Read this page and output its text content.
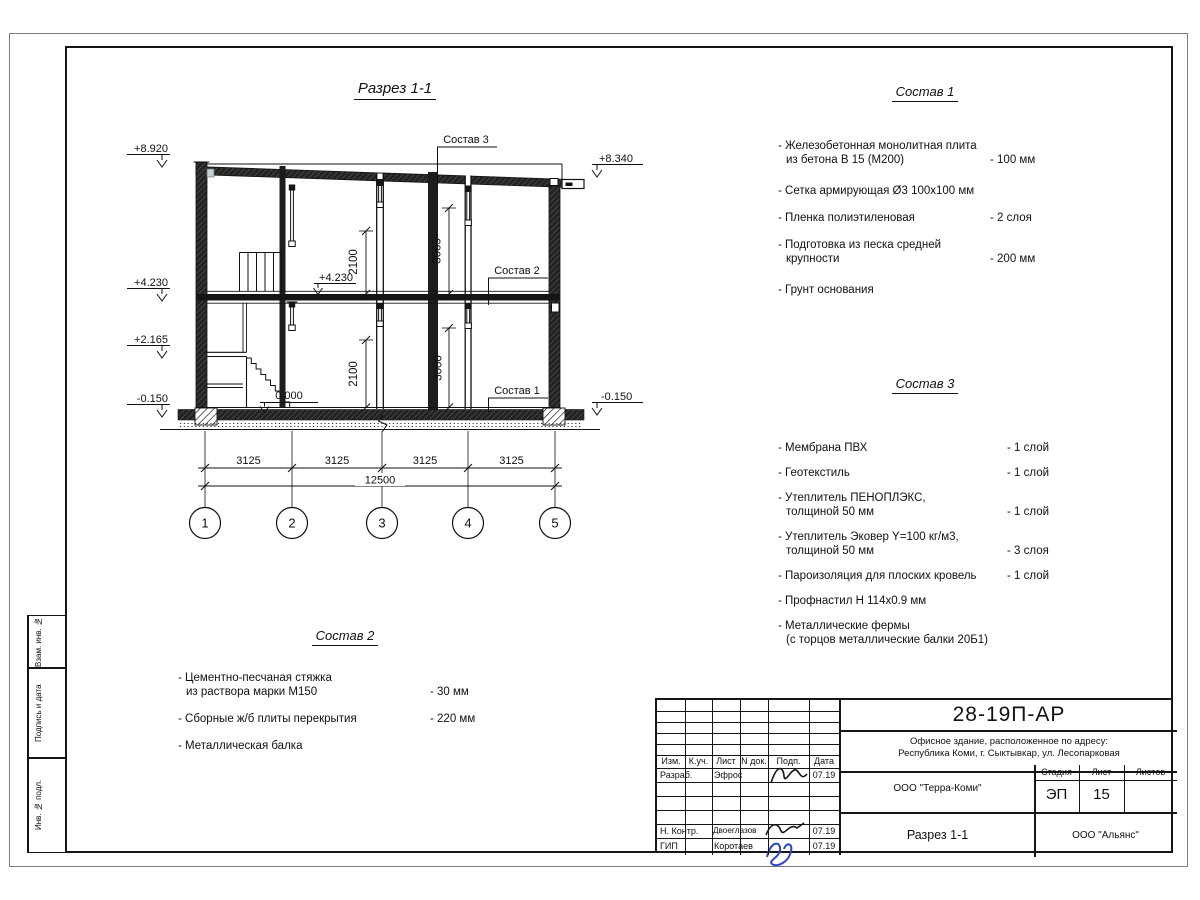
2100	3065
2100	3000
+8.920
+4.230
+2.165
-0.150
+8.340
-0.150
+4.230
0.000
Состав 3
Состав 2
Состав 1
3125	3125	3125	3125
12500
1	2	3	4	5
Разрез 1-1	Состав 1
- Железобетонная монолитная плита
из бетона В 15 (М200)	- 100 мм
- Сетка армирующая Ø3 100х100 мм
- Пленка полиэтиленовая	- 2 слоя
- Подготовка из песка средней
крупности	- 200 мм
- Грунт основания
Состав 3
- Мембрана ПВХ	- 1 слой
- Геотекстиль	- 1 слой
- Утеплитель ПЕНОПЛЭКС,
толщиной 50 мм	- 1 слой
- Утеплитель Эковер Y=100 кг/м3,
толщиной 50 мм	- 3 слоя
- Пароизоляция для плоских кровель	- 1 слой
- Профнастил Н 114х0.9 мм
- Металлические фермы
(с торцов металлические балки 20Б1)
Состав 2
- Цементно-песчаная стяжка
из раствора марки М150	- 30 мм
- Сборные ж/б плиты перекрытия	- 220 мм
- Металлическая балка
Изм. К.уч. Лист N док.	Подп.	Дата
Разраб. Эфрос	07.19
Н. Контр. Двоеглазов	07.19
ГИП	Коротаев	07.19
28-19П-АР
Офисное здание, расположенное по адресу:
Республика Коми, г. Сыктывкар, ул. Лесопарковая
ООО "Терра-Коми"
Стадия	Лист	Листов
ЭП	15
Разрез 1-1	ООО "Альянс"
Взам. инв. №
Подпись и дата
Инв. № подл.
